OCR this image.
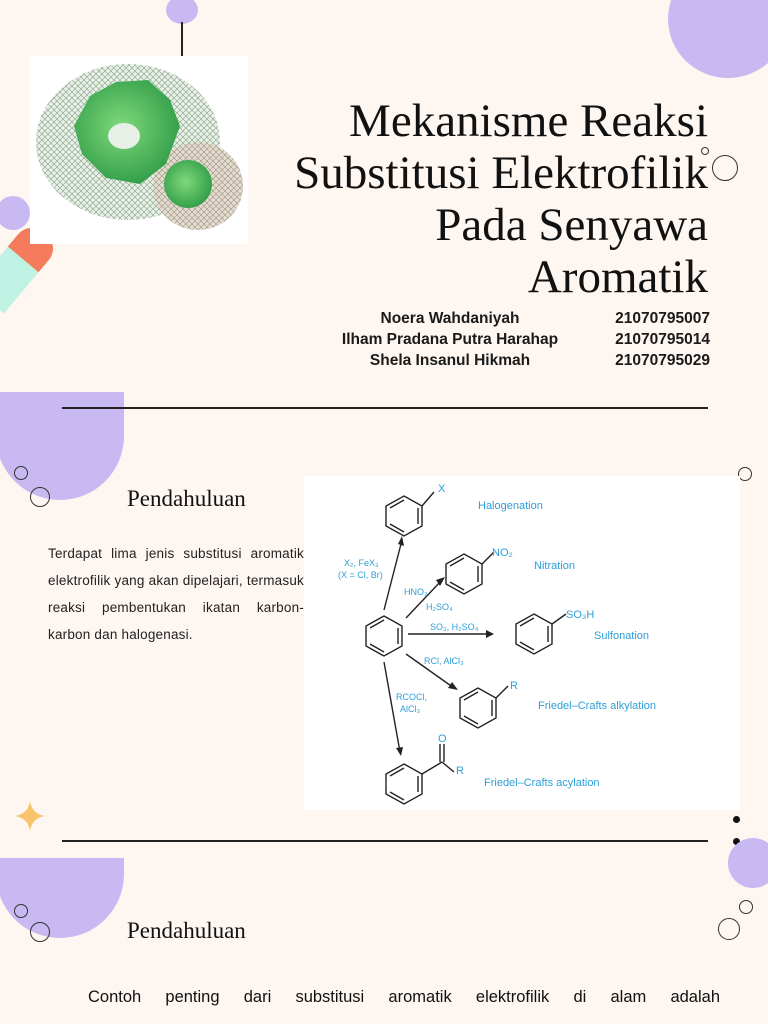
Mekanisme Reaksi
Substitusi Elektrofilik
Pada Senyawa
Aromatik
Noera Wahdaniyah	21070795007
Ilham Pradana Putra Harahap	21070795014
Shela Insanul Hikmah	21070795029
Pendahuluan
Terdapat lima jenis substitusi aromatik elektrofilik yang akan dipelajari, termasuk reaksi pembentukan ikatan karbon-karbon dan halogenasi.
X
Halogenation
NO₂
Nitration
SO₃H
Sulfonation
R
Friedel–Crafts alkylation
O
R
Friedel–Crafts acylation
X₂, FeX₃
(X = Cl, Br)
HNO₃
H₂SO₄
SO₃, H₂SO₄
RCl, AlCl₃
RCOCl,
AlCl₃
Pendahuluan
Contoh penting dari substitusi aromatik elektrofilik di alam adalah
